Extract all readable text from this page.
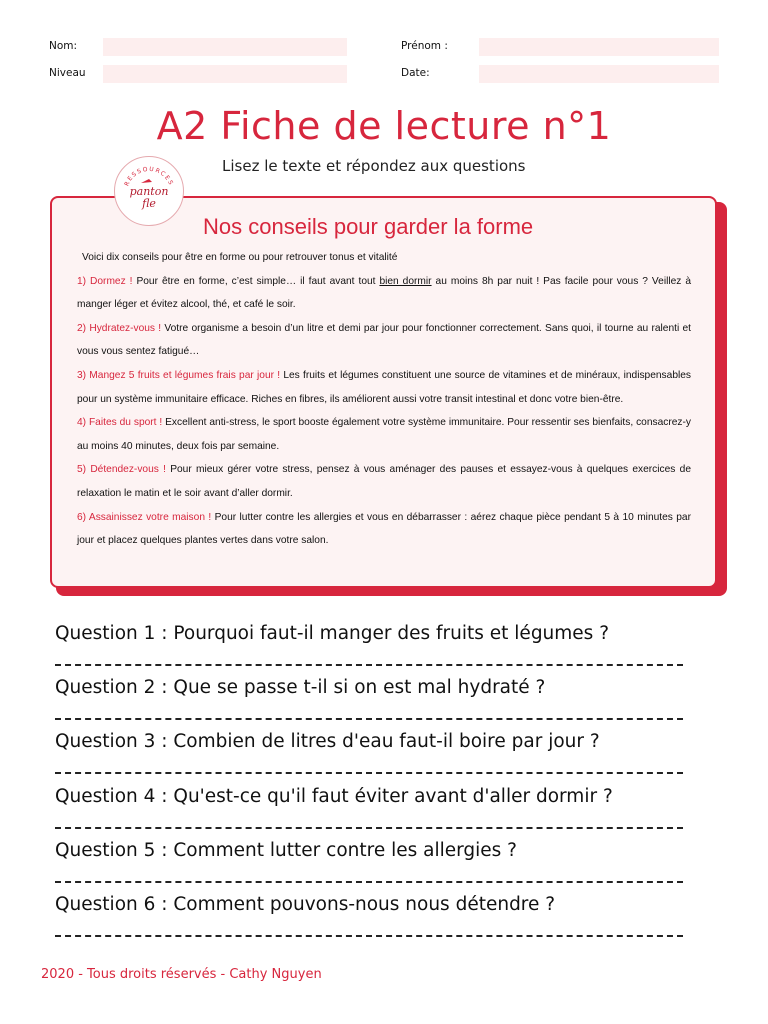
Nom:	Prénom :
Niveau	Date:
A2 Fiche de lecture n°1
Lisez le texte et répondez aux questions
RESSOURCES
panton
fle
Nos conseils pour garder la forme

Voici dix conseils pour être en forme ou pour retrouver tonus et vitalité

1) Dormez ! Pour être en forme, c’est simple… il faut avant tout bien dormir au moins 8h par nuit ! Pas facile pour vous ? Veillez à manger léger et évitez alcool, thé, et café le soir.

2) Hydratez-vous ! Votre organisme a besoin d’un litre et demi par jour pour fonctionner correctement. Sans quoi, il tourne au ralenti et vous vous sentez fatigué…

3) Mangez 5 fruits et légumes frais par jour ! Les fruits et légumes constituent une source de vitamines et de minéraux, indispensables pour un système immunitaire efficace. Riches en fibres, ils améliorent aussi votre transit intestinal et donc votre bien-être.

4) Faites du sport ! Excellent anti-stress, le sport booste également votre système immunitaire. Pour ressentir ses bienfaits, consacrez-y au moins 40 minutes, deux fois par semaine.

5) Détendez-vous ! Pour mieux gérer votre stress, pensez à vous aménager des pauses et essayez-vous à quelques exercices de relaxation le matin et le soir avant d’aller dormir.

6) Assainissez votre maison ! Pour lutter contre les allergies et vous en débarrasser : aérez chaque pièce pendant 5 à 10 minutes par jour et placez quelques plantes vertes dans votre salon.

Question 1 : Pourquoi faut-il manger des fruits et légumes ?
Question 2 : Que se passe t-il si on est mal hydraté ?
Question 3 : Combien de litres d'eau faut-il boire par jour ?
Question 4 : Qu'est-ce qu'il faut éviter avant d'aller dormir ?
Question 5 : Comment lutter contre les allergies ?
Question 6 : Comment pouvons-nous nous détendre ?
2020 - Tous droits réservés - Cathy Nguyen
